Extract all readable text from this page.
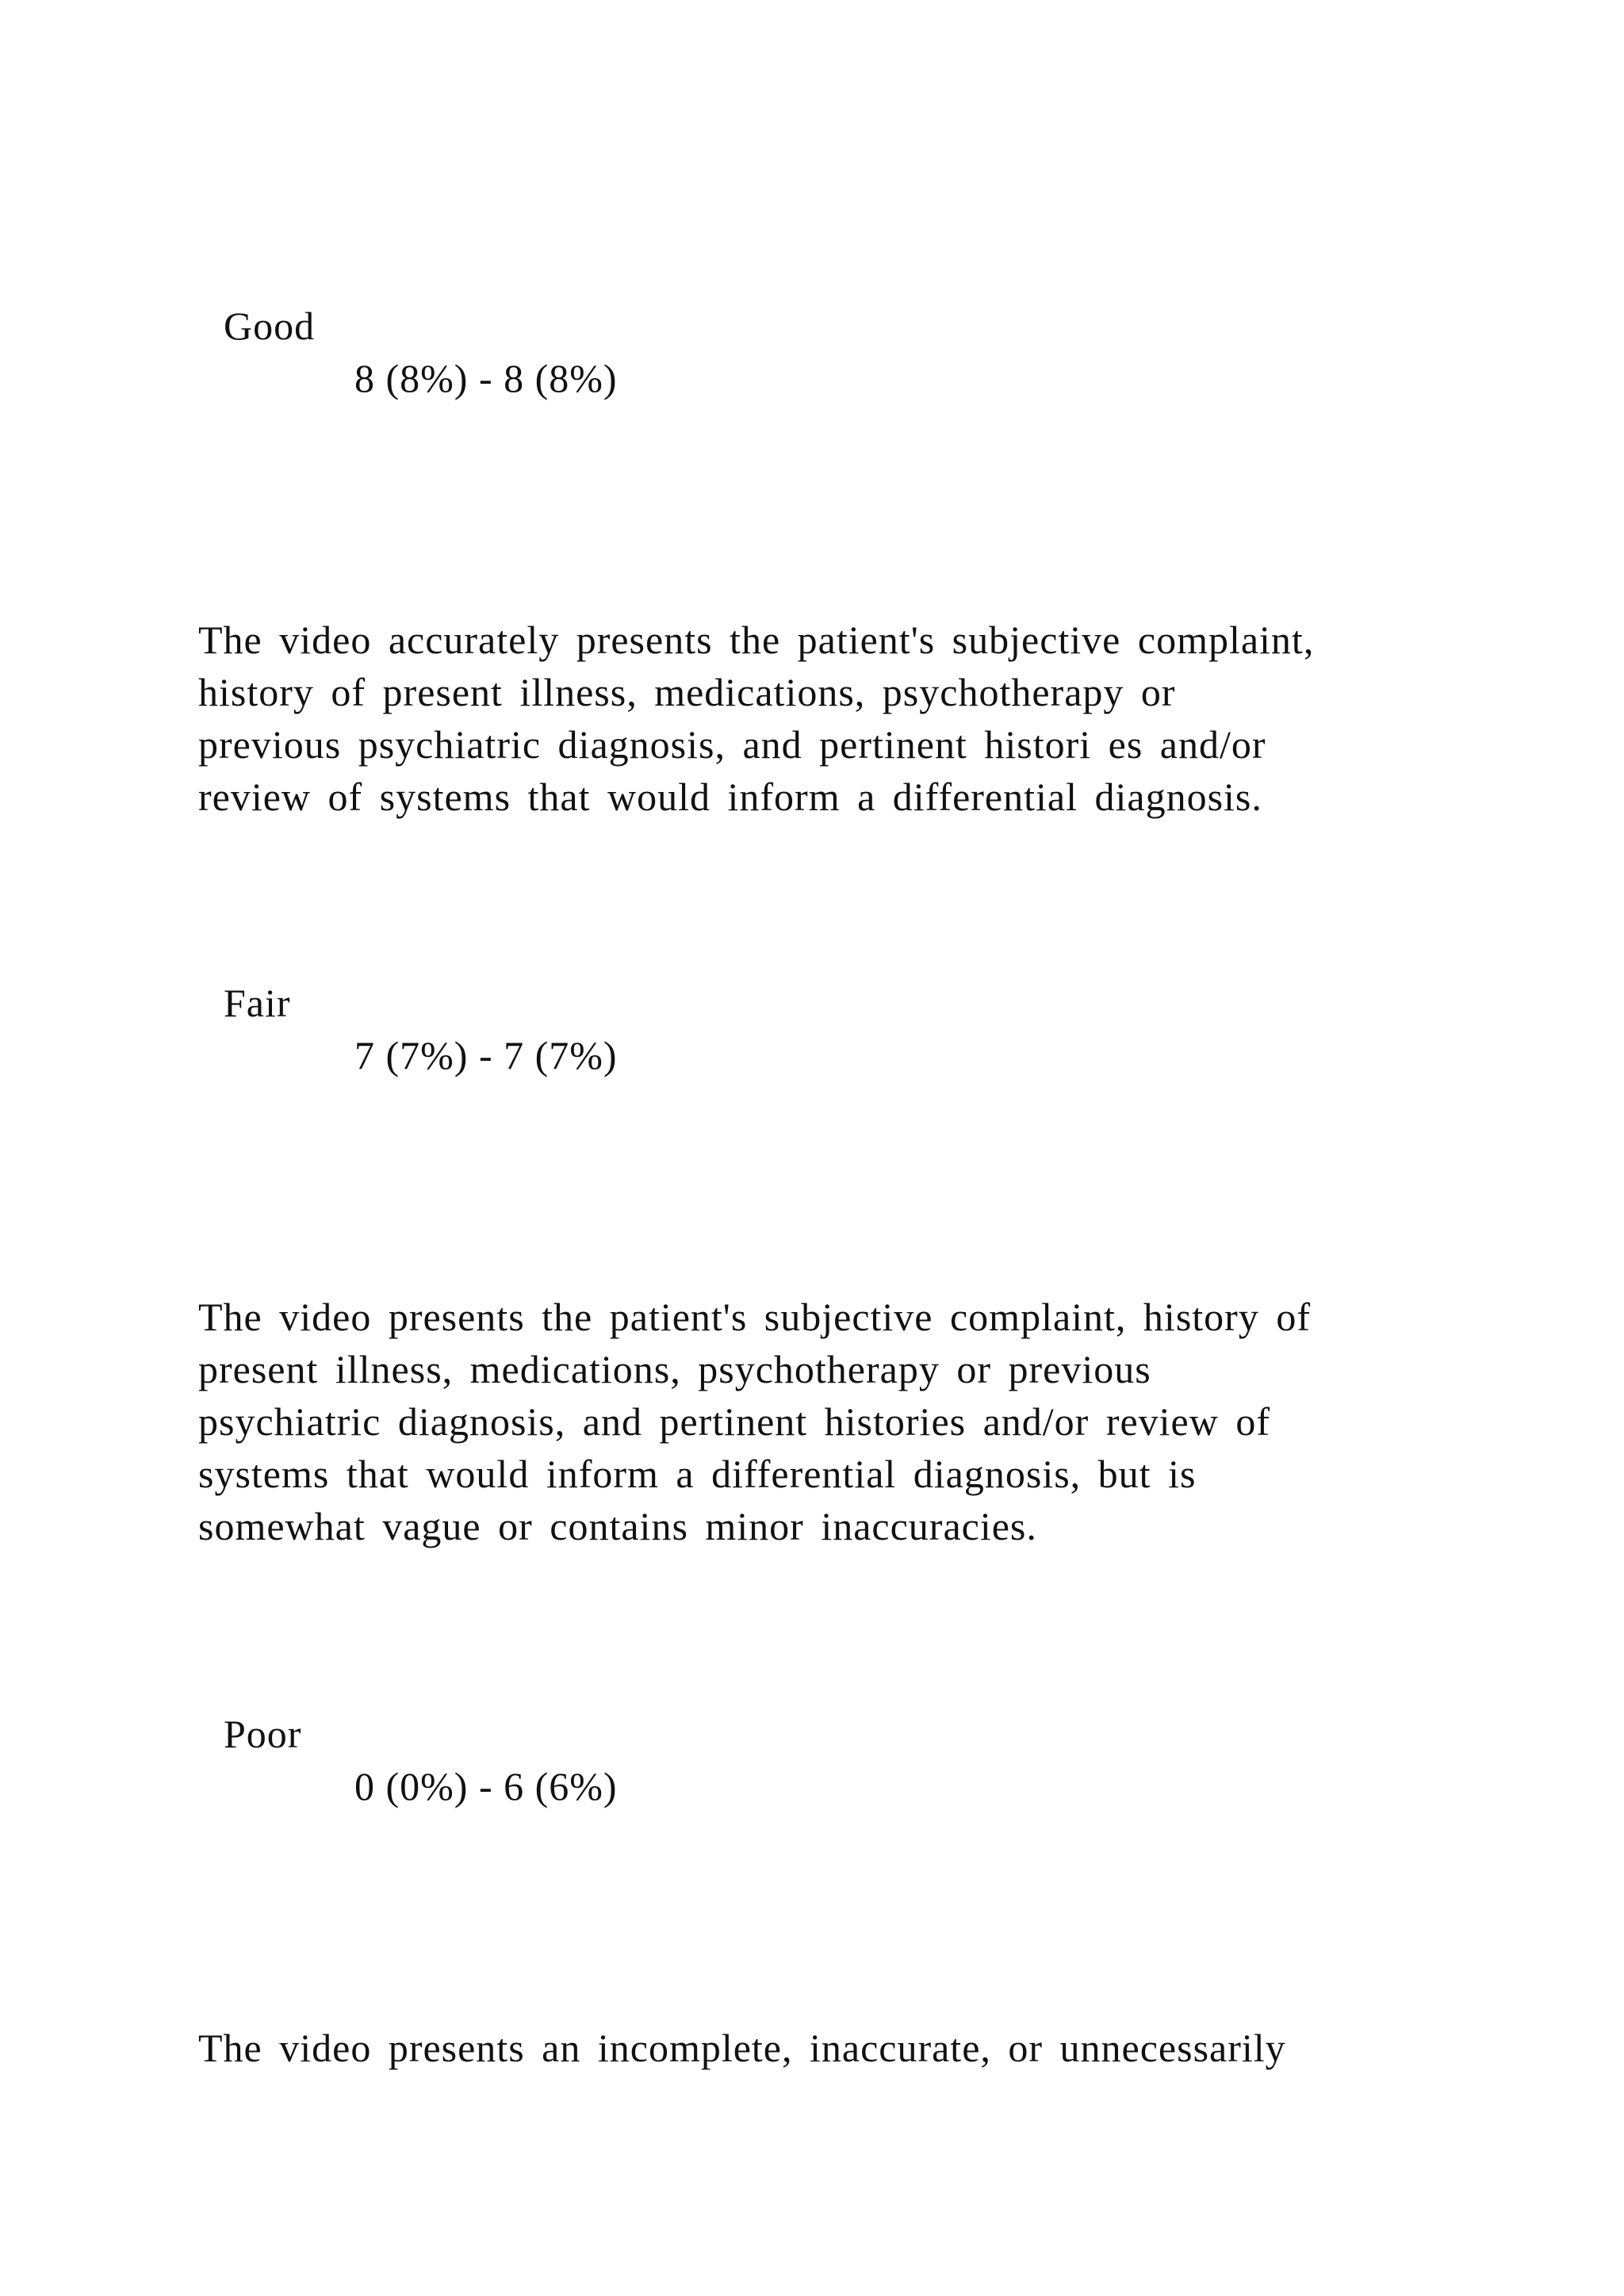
Good
8 (8%) - 8 (8%)
The video accurately presents the patient's subjective complaint,
history of present illness, medications, psychotherapy or
previous psychiatric diagnosis, and pertinent histori es and/or
review of systems that would inform a differential diagnosis.
Fair
7 (7%) - 7 (7%)
The video presents the patient's subjective complaint, history of
present illness, medications, psychotherapy or previous
psychiatric diagnosis, and pertinent histories and/or review of
systems that would inform a differential diagnosis, but is
somewhat vague or contains minor inaccuracies.
Poor
0 (0%) - 6 (6%)
The video presents an incomplete, inaccurate, or unnecessarily
